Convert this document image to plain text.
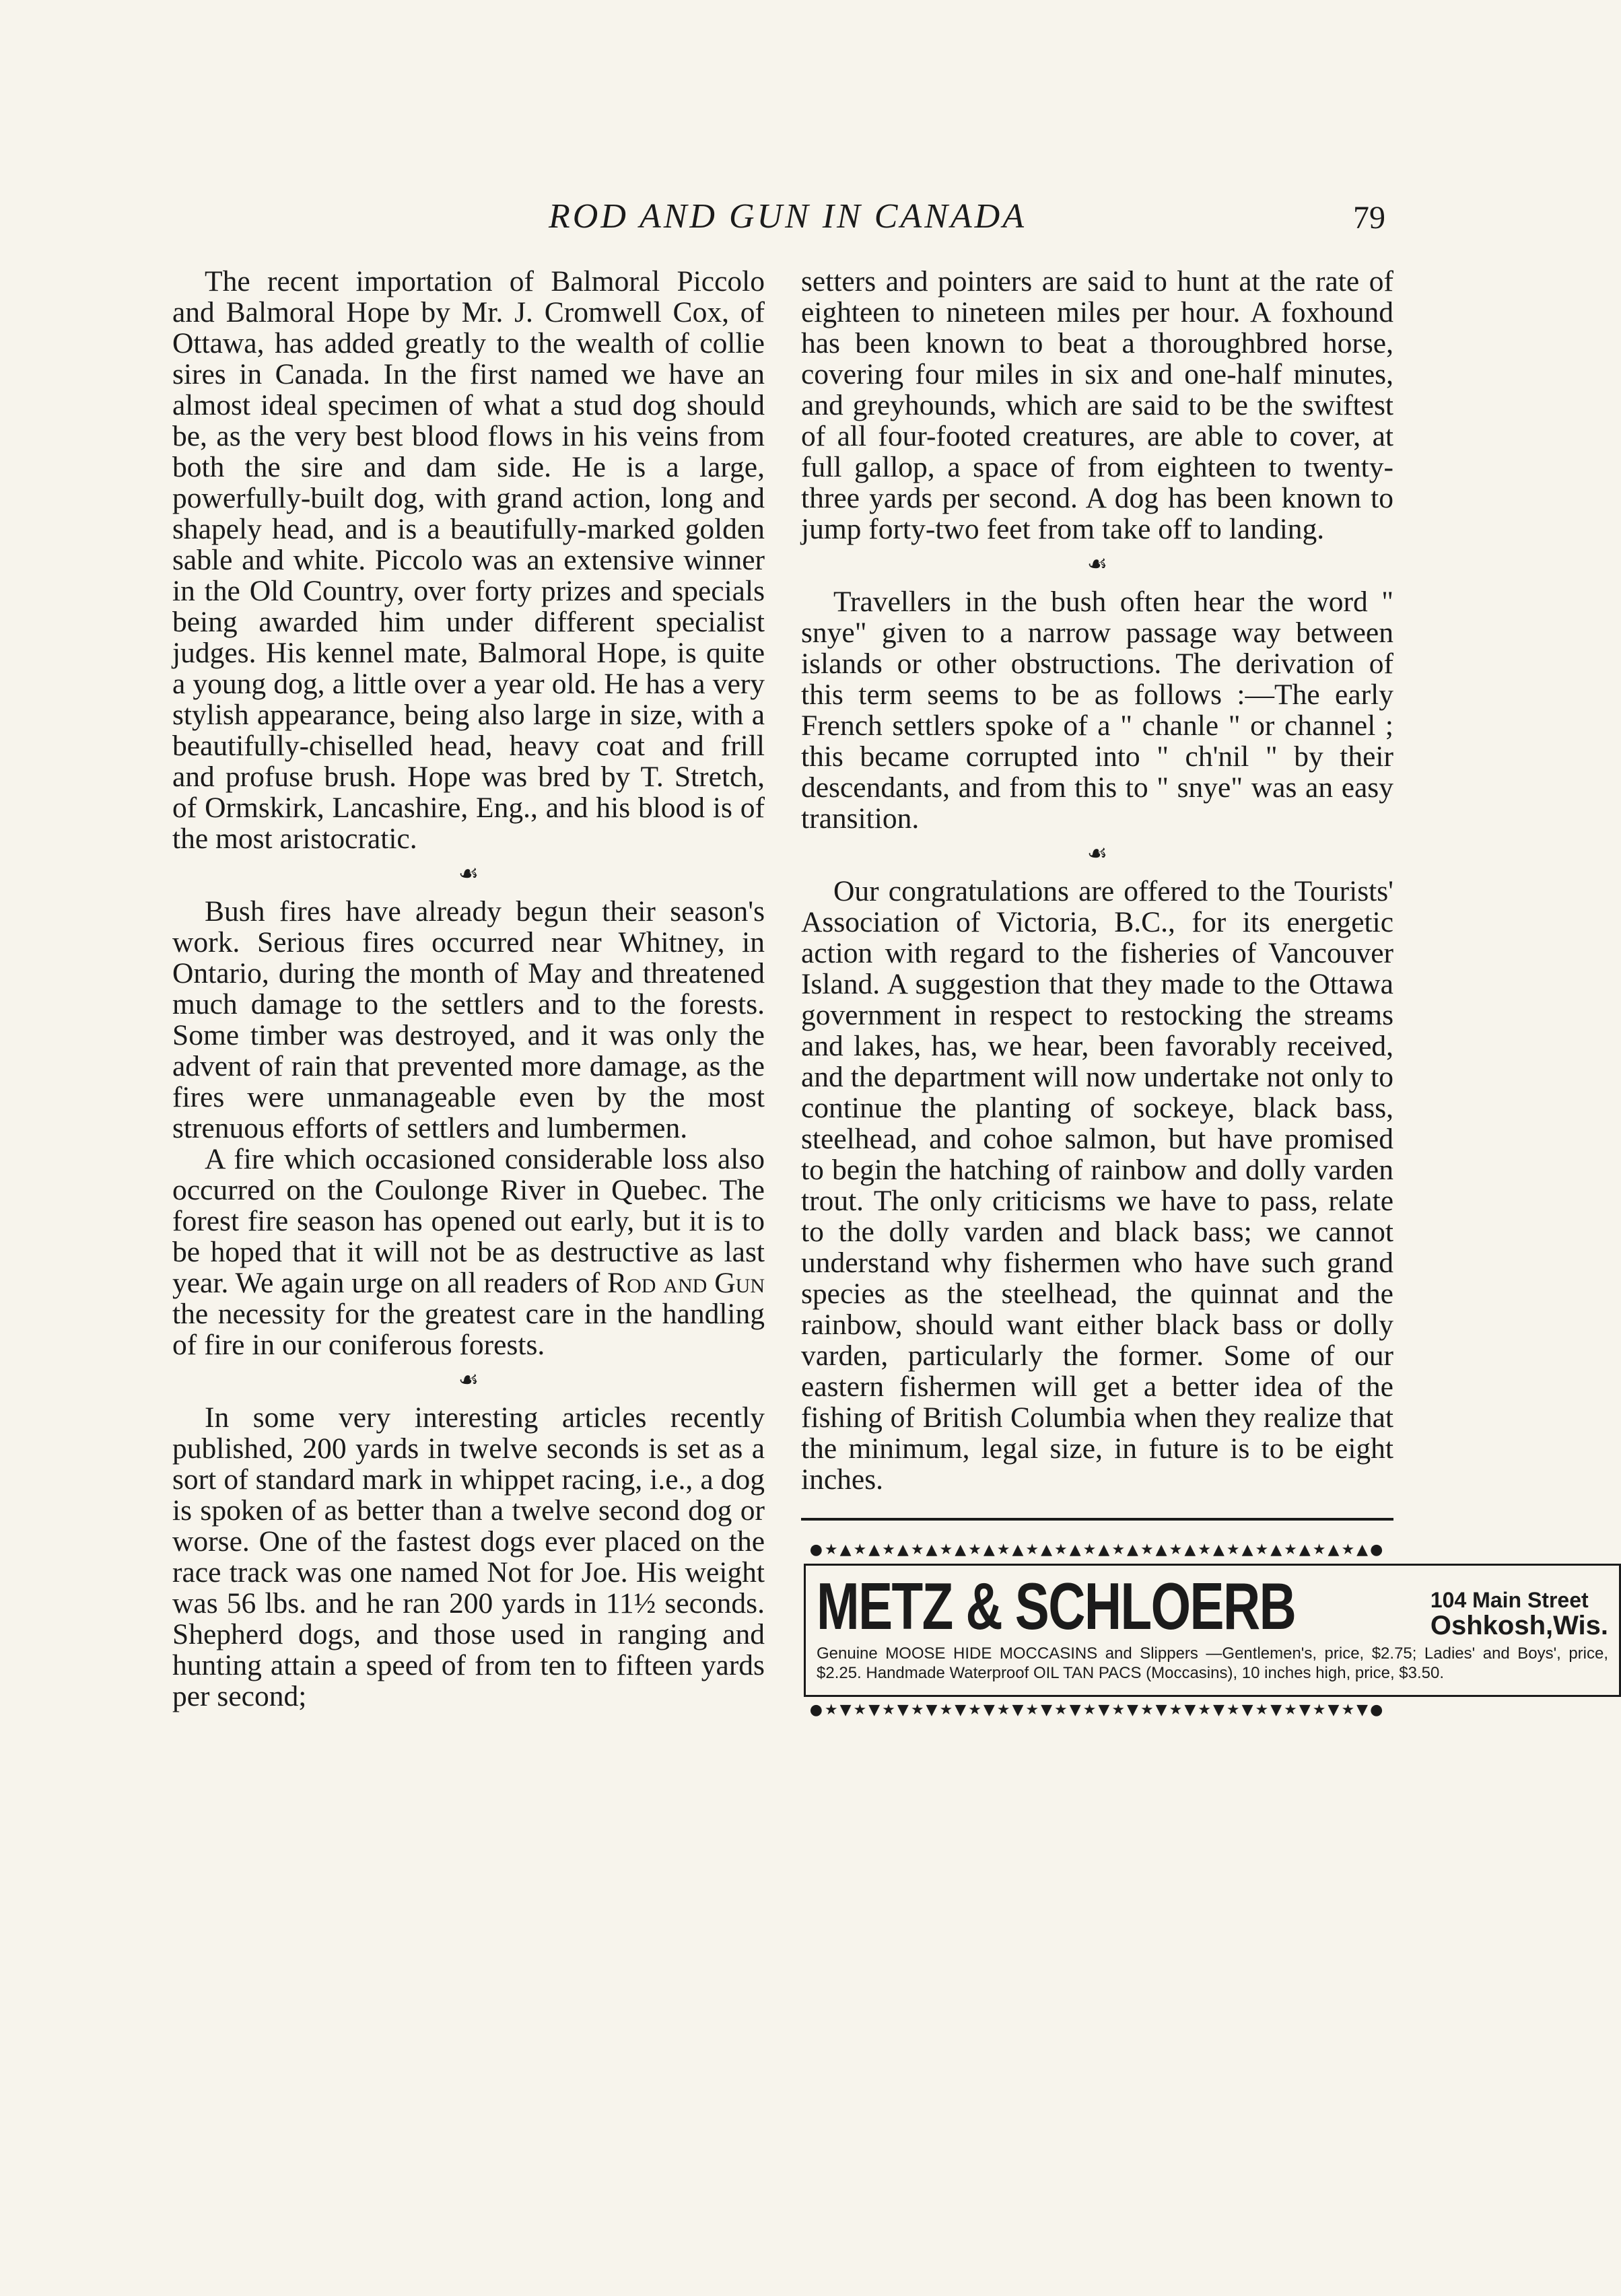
ROD AND GUN IN CANADA	79

The recent importation of Balmoral Piccolo and Balmoral Hope by Mr. J. Cromwell Cox, of Ottawa, has added greatly to the wealth of collie sires in Canada. In the first named we have an almost ideal specimen of what a stud dog should be, as the very best blood flows in his veins from both the sire and dam side. He is a large, powerfully-built dog, with grand action, long and shapely head, and is a beautifully-marked golden sable and white. Piccolo was an extensive winner in the Old Country, over forty prizes and specials being awarded him under different specialist judges. His kennel mate, Balmoral Hope, is quite a young dog, a little over a year old. He has a very stylish appearance, being also large in size, with a beautifully-chiselled head, heavy coat and frill and profuse brush. Hope was bred by T. Stretch, of Ormskirk, Lancashire, Eng., and his blood is of the most aristocratic.

☙

Bush fires have already begun their season's work. Serious fires occurred near Whitney, in Ontario, during the month of May and threatened much damage to the settlers and to the forests. Some timber was destroyed, and it was only the advent of rain that prevented more damage, as the fires were unmanageable even by the most strenuous efforts of settlers and lumbermen.

A fire which occasioned considerable loss also occurred on the Coulonge River in Quebec. The forest fire season has opened out early, but it is to be hoped that it will not be as destructive as last year. We again urge on all readers of Rod and Gun the necessity for the greatest care in the handling of fire in our coniferous forests.

☙

In some very interesting articles recently published, 200 yards in twelve seconds is set as a sort of standard mark in whippet racing, i.e., a dog is spoken of as better than a twelve second dog or worse. One of the fastest dogs ever placed on the race track was one named Not for Joe. His weight was 56 lbs. and he ran 200 yards in 11½ seconds. Shepherd dogs, and those used in ranging and hunting attain a speed of from ten to fifteen yards per second;

setters and pointers are said to hunt at the rate of eighteen to nineteen miles per hour. A foxhound has been known to beat a thoroughbred horse, covering four miles in six and one-half minutes, and greyhounds, which are said to be the swiftest of all four-footed creatures, are able to cover, at full gallop, a space of from eighteen to twenty-three yards per second. A dog has been known to jump forty-two feet from take off to landing.

☙

Travellers in the bush often hear the word " snye" given to a narrow passage way between islands or other obstructions. The derivation of this term seems to be as follows :—The early French settlers spoke of a " chanle " or channel ; this became corrupted into " ch'nil " by their descendants, and from this to " snye" was an easy transition.

☙

Our congratulations are offered to the Tourists' Association of Victoria, B.C., for its energetic action with regard to the fisheries of Vancouver Island. A suggestion that they made to the Ottawa government in respect to restocking the streams and lakes, has, we hear, been favorably received, and the department will now undertake not only to continue the planting of sockeye, black bass, steelhead, and cohoe salmon, but have promised to begin the hatching of rainbow and dolly varden trout. The only criticisms we have to pass, relate to the dolly varden and black bass; we cannot understand why fishermen who have such grand species as the steelhead, the quinnat and the rainbow, should want either black bass or dolly varden, particularly the former. Some of our eastern fishermen will get a better idea of the fishing of British Columbia when they realize that the minimum, legal size, in future is to be eight inches.

●★▲★▲★▲★▲★▲★▲★▲★▲★▲★▲★▲★▲★▲★▲★▲★▲★▲★▲★▲●

METZ & SCHLOERB	104 Main Street
Oshkosh,Wis.
Genuine MOOSE HIDE MOCCASINS and Slippers —Gentlemen's, price, $2.75; Ladies' and Boys', price, $2.25. Handmade Waterproof OIL TAN PACS (Moccasins), 10 inches high, price, $3.50.

●★▼★▼★▼★▼★▼★▼★▼★▼★▼★▼★▼★▼★▼★▼★▼★▼★▼★▼★▼●
